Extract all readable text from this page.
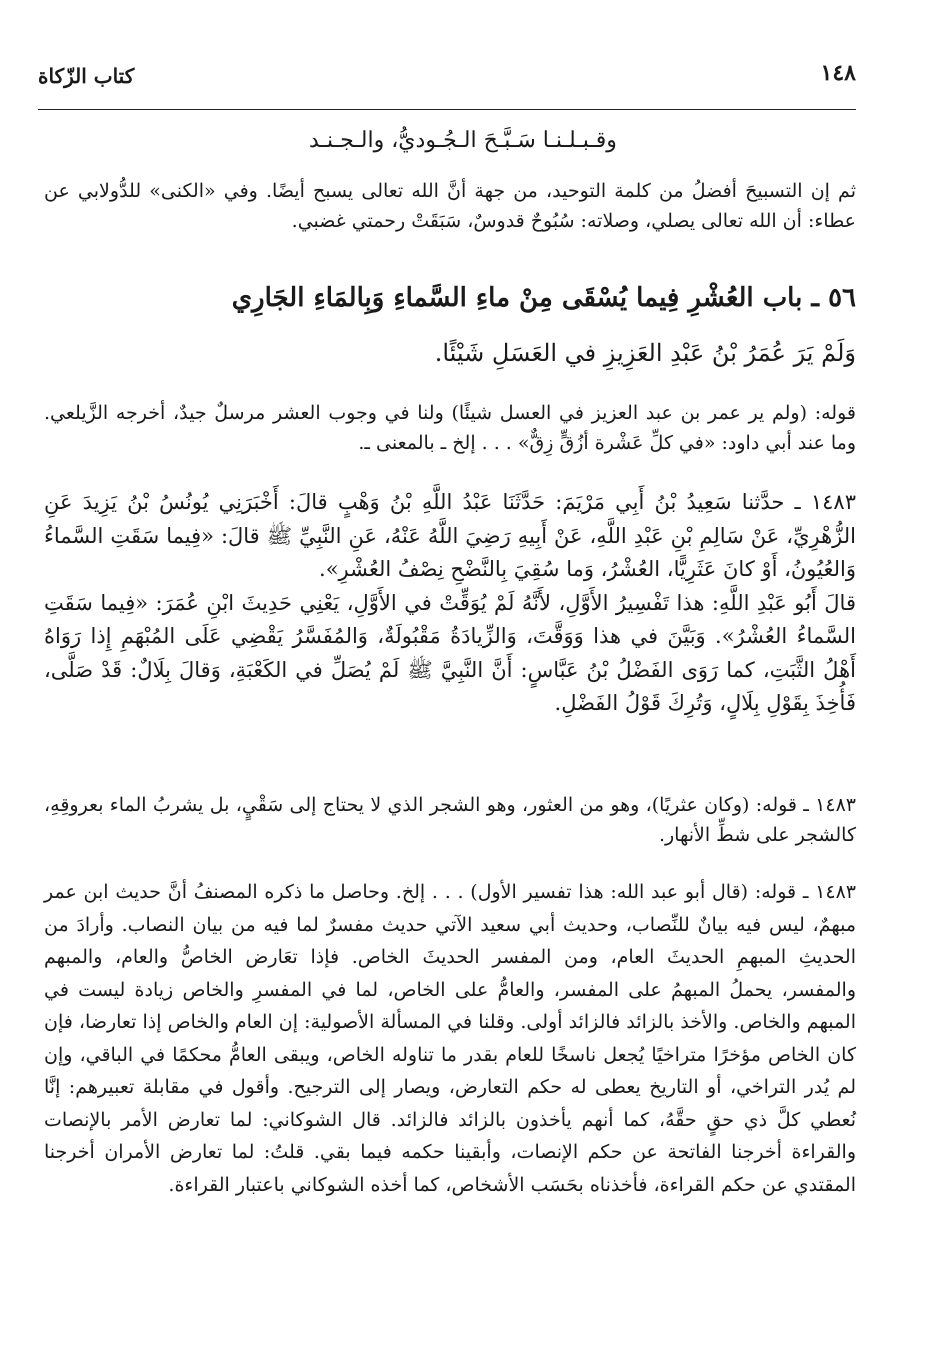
١٤٨
كتاب الزّكاة

وقـبـلـنـا سَـبَّـحَ الـجُـوديُّ، والـجـنـد

ثم إن التسبيحَ أفضلُ من كلمة التوحيد، من جهة أنَّ الله تعالى يسبح أيضًا. وفي «الكنى» للدُّولابي عن عطاء: أن الله تعالى يصلي، وصلاته: سُبُوحٌ قدوسٌ، سَبَقَتْ رحمتي غضبي.

٥٦ ـ باب العُشْرِ فِيما يُسْقَى مِنْ ماءِ السَّماءِ وَبِالمَاءِ الجَارِي

وَلَمْ يَرَ عُمَرُ بْنُ عَبْدِ العَزِيزِ في العَسَلِ شَيْئًا.

قوله: (ولم ير عمر بن عبد العزيز في العسل شيئًا) ولنا في وجوب العشر مرسلٌ جيدٌ، أخرجه الزَّيلعي. وما عند أبي داود: «في كلِّ عَشْرة أزُقٍّ زِقٌّ» . . . إلخ ـ بالمعنى ـ.

١٤٨٣ ـ حدَّثنا سَعِيدُ بْنُ أَبِي مَرْيَمَ: حَدَّثَنَا عَبْدُ اللَّهِ بْنُ وَهْبٍ قالَ: أَخْبَرَنِي يُونُسُ بْنُ يَزِيدَ عَنِ الزُّهْرِيِّ، عَنْ سَالِمِ بْنِ عَبْدِ اللَّهِ، عَنْ أَبِيهِ رَضِيَ اللَّهُ عَنْهُ، عَنِ النَّبِيِّ ﷺ قالَ: «فِيما سَقَتِ السَّماءُ وَالعُيُونُ، أَوْ كانَ عَثَرِيًّا، العُشْرُ، وَما سُقِيَ بِالنَّضْحِ نِصْفُ العُشْرِ».

قالَ أَبُو عَبْدِ اللَّهِ: هذا تَفْسِيرُ الأَوَّلِ، لأَنَّهُ لَمْ يُوَقِّتْ في الأَوَّلِ، يَعْنِي حَدِيثَ ابْنِ عُمَرَ: «فِيما سَقَتِ السَّماءُ العُشْرُ». وَبَيَّنَ في هذا وَوَقَّتَ، وَالزِّيادَةُ مَقْبُولَةٌ، وَالمُفَسَّرُ يَقْضِي عَلَى المُبْهَمِ إِذا رَوَاهُ أَهْلُ الثَّبَتِ، كما رَوَى الفَضْلُ بْنُ عَبَّاسٍ: أَنَّ النَّبِيَّ ﷺ لَمْ يُصَلِّ في الكَعْبَةِ، وَقالَ بِلَالٌ: قَدْ صَلَّى، فَأُخِذَ بِقَوْلِ بِلَالٍ، وَتُرِكَ قَوْلُ الفَضْلِ.

١٤٨٣ ـ قوله: (وكان عثريًا)، وهو من العثور، وهو الشجر الذي لا يحتاج إلى سَقْيٍ، بل يشربُ الماء بعروقِهِ، كالشجر على شطِّ الأنهار.

١٤٨٣ ـ قوله: (قال أبو عبد الله: هذا تفسير الأول) . . . إلخ. وحاصل ما ذكره المصنفُ أنَّ حديث ابن عمر مبهمٌ، ليس فيه بيانٌ للنِّصاب، وحديث أبي سعيد الآتي حديث مفسرٌ لما فيه من بيان النصاب. وأرادَ من الحديثِ المبهمِ الحديثَ العام، ومن المفسر الحديثَ الخاص. فإذا تعَارض الخاصُّ والعام، والمبهم والمفسر، يحملُ المبهمُ على المفسر، والعامُّ على الخاص، لما في المفسرِ والخاص زيادة ليست في المبهم والخاص. والأخذ بالزائد فالزائد أولى. وقلنا في المسألة الأصولية: إن العام والخاص إذا تعارضا، فإن كان الخاص مؤخرًا متراخيًا يُجعل ناسخًا للعام بقدر ما تناوله الخاص، ويبقى العامُّ محكمًا في الباقي، وإن لم يُدر التراخي، أو التاريخ يعطى له حكم التعارض، ويصار إلى الترجيح. وأقول في مقابلة تعبيرهم: إنَّا نُعطي كلَّ ذي حقٍ حقَّهُ، كما أنهم يأخذون بالزائد فالزائد. قال الشوكاني: لما تعارض الأمر بالإنصات والقراءة أخرجنا الفاتحة عن حكم الإنصات، وأبقينا حكمه فيما بقي. قلتُ: لما تعارض الأمران أخرجنا المقتدي عن حكم القراءة، فأخذناه بحَسَب الأشخاص، كما أخذه الشوكاني باعتبار القراءة.
